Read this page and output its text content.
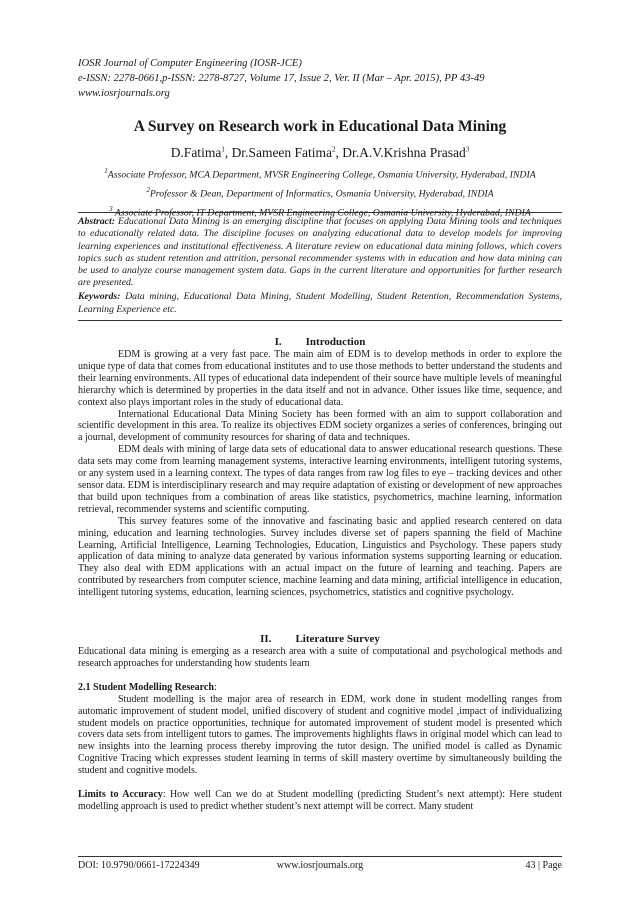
IOSR Journal of Computer Engineering (IOSR-JCE)
e-ISSN: 2278-0661,p-ISSN: 2278-8727, Volume 17, Issue 2, Ver. II (Mar – Apr. 2015), PP 43-49
www.iosrjournals.org
A Survey on Research work in Educational Data Mining
D.Fatima$^1$, Dr.Sameen Fatima$^2$, Dr.A.V.Krishna Prasad$^3$
$^1$Associate Professor, MCA Department, MVSR Engineering College, Osmania University, Hyderabad, INDIA
$^2$Professor & Dean, Department of Informatics, Osmania University, Hyderabad, INDIA
$^3$ Associate Professor, IT Department, MVSR Engineering College, Osmania University, Hyderabad, INDIA
Abstract: Educational Data Mining is an emerging discipline that focuses on applying Data Mining tools and techniques to educationally related data. The discipline focuses on analyzing educational data to develop models for improving learning experiences and institutional effectiveness. A literature review on educational data mining follows, which covers topics such as student retention and attrition, personal recommender systems with in education and how data mining can be used to analyze course management system data. Gaps in the current literature and opportunities for further research are presented.
Keywords: Data mining, Educational Data Mining, Student Modelling, Student Retention, Recommendation Systems, Learning Experience etc.
I. Introduction

EDM is growing at a very fast pace. The main aim of EDM is to develop methods in order to explore the unique type of data that comes from educational institutes and to use those methods to better understand the students and their learning environments. All types of educational data independent of their source have multiple levels of meaningful hierarchy which is determined by properties in the data itself and not in advance. Other issues like time, sequence, and context also plays important roles in the study of educational data.

International Educational Data Mining Society has been formed with an aim to support collaboration and scientific development in this area. To realize its objectives EDM society organizes a series of conferences, bringing out a journal, development of community resources for sharing of data and techniques.

EDM deals with mining of large data sets of educational data to answer educational research questions. These data sets may come from learning management systems, interactive learning environments, intelligent tutoring systems, or any system used in a learning context. The types of data ranges from raw log files to eye – tracking devices and other sensor data. EDM is interdisciplinary research and may require adaptation of existing or development of new approaches that build upon techniques from a combination of areas like statistics, psychometrics, machine learning, information retrieval, recommender systems and scientific computing.

This survey features some of the innovative and fascinating basic and applied research centered on data mining, education and learning technologies. Survey includes diverse set of papers spanning the field of Machine Learning, Artificial Intelligence, Learning Technologies, Education, Linguistics and Psychology. These papers study application of data mining to analyze data generated by various information systems supporting learning or education. They also deal with EDM applications with an actual impact on the future of learning and teaching. Papers are contributed by researchers from computer science, machine learning and data mining, artificial intelligence in education, intelligent tutoring systems, education, learning sciences, psychometrics, statistics and cognitive psychology.

II. Literature Survey

Educational data mining is emerging as a research area with a suite of computational and psychological methods and research approaches for understanding how students learn

2.1 Student Modelling Research:

Student modelling is the major area of research in EDM, work done in student modelling ranges from automatic improvement of student model, unified discovery of student and cognitive model ,impact of individualizing student models on practice opportunities, technique for automated improvement of student model is presented which covers data sets from intelligent tutors to games. The improvements highlights flaws in original model which can lead to new insights into the learning process thereby improving the tutor design. The unified model is called as Dynamic Cognitive Tracing which expresses student learning in terms of skill mastery overtime by simultaneously building the student and cognitive models.

Limits to Accuracy: How well Can we do at Student modelling (predicting Student’s next attempt): Here student modelling approach is used to predict whether student’s next attempt will be correct. Many student

DOI: 10.9790/0661-17224349	www.iosrjournals.org	43 | Page
